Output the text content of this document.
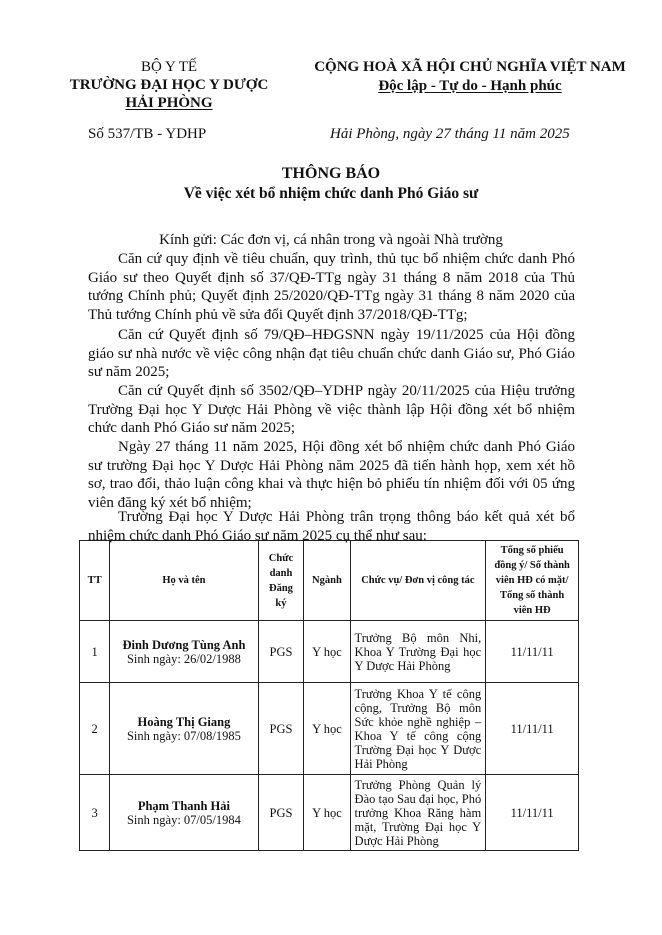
BỘ Y TẾ
TRƯỜNG ĐẠI HỌC Y DƯỢC
HẢI PHÒNG
CỘNG HOÀ XÃ HỘI CHỦ NGHĨA VIỆT NAM
Độc lập - Tự do - Hạnh phúc
Số 537/TB - YDHP	Hải Phòng, ngày 27 tháng 11 năm 2025
THÔNG BÁO
Về việc xét bổ nhiệm chức danh Phó Giáo sư
Kính gửi: Các đơn vị, cá nhân trong và ngoài Nhà trường
Căn cứ quy định về tiêu chuẩn, quy trình, thủ tục bổ nhiệm chức danh Phó Giáo sư theo Quyết định số 37/QĐ-TTg ngày 31 tháng 8 năm 2018 của Thủ tướng Chính phủ; Quyết định 25/2020/QĐ-TTg ngày 31 tháng 8 năm 2020 của Thủ tướng Chính phủ về sửa đổi Quyết định 37/2018/QĐ-TTg;
Căn cứ Quyết định số 79/QĐ–HĐGSNN ngày 19/11/2025 của Hội đồng giáo sư nhà nước về việc công nhận đạt tiêu chuẩn chức danh Giáo sư, Phó Giáo sư năm 2025;
Căn cứ Quyết định số 3502/QĐ–YDHP ngày 20/11/2025 của Hiệu trưởng Trường Đại học Y Dược Hải Phòng về việc thành lập Hội đồng xét bổ nhiệm chức danh Phó Giáo sư năm 2025;
Ngày 27 tháng 11 năm 2025, Hội đồng xét bổ nhiệm chức danh Phó Giáo sư trường Đại học Y Dược Hải Phòng năm 2025 đã tiến hành họp, xem xét hồ sơ, trao đổi, thảo luận công khai và thực hiện bỏ phiếu tín nhiệm đối với 05 ứng viên đăng ký xét bổ nhiệm;
Trường Đại học Y Dược Hải Phòng trân trọng thông báo kết quả xét bổ nhiệm chức danh Phó Giáo sư năm 2025 cụ thể như sau:
TT	Họ và tên	Chức danh Đăng ký	Ngành	Chức vụ/ Đơn vị công tác	Tổng số phiếu đồng ý/ Số thành viên HĐ có mặt/ Tổng số thành viên HĐ
1	Đinh Dương Tùng Anh
Sinh ngày: 26/02/1988	PGS	Y học	Trưởng Bộ môn Nhi, Khoa Y Trường Đại học Y Dược Hải Phòng	11/11/11
2	Hoàng Thị Giang
Sinh ngày: 07/08/1985	PGS	Y học	Trưởng Khoa Y tế công cộng, Trưởng Bộ môn Sức khỏe nghề nghiệp – Khoa Y tế công cộng Trường Đại học Y Dược Hải Phòng	11/11/11
3	Phạm Thanh Hải
Sinh ngày: 07/05/1984	PGS	Y học	Trưởng Phòng Quản lý Đào tạo Sau đại học, Phó trưởng Khoa Răng hàm mặt, Trường Đại học Y Dược Hải Phòng	11/11/11
